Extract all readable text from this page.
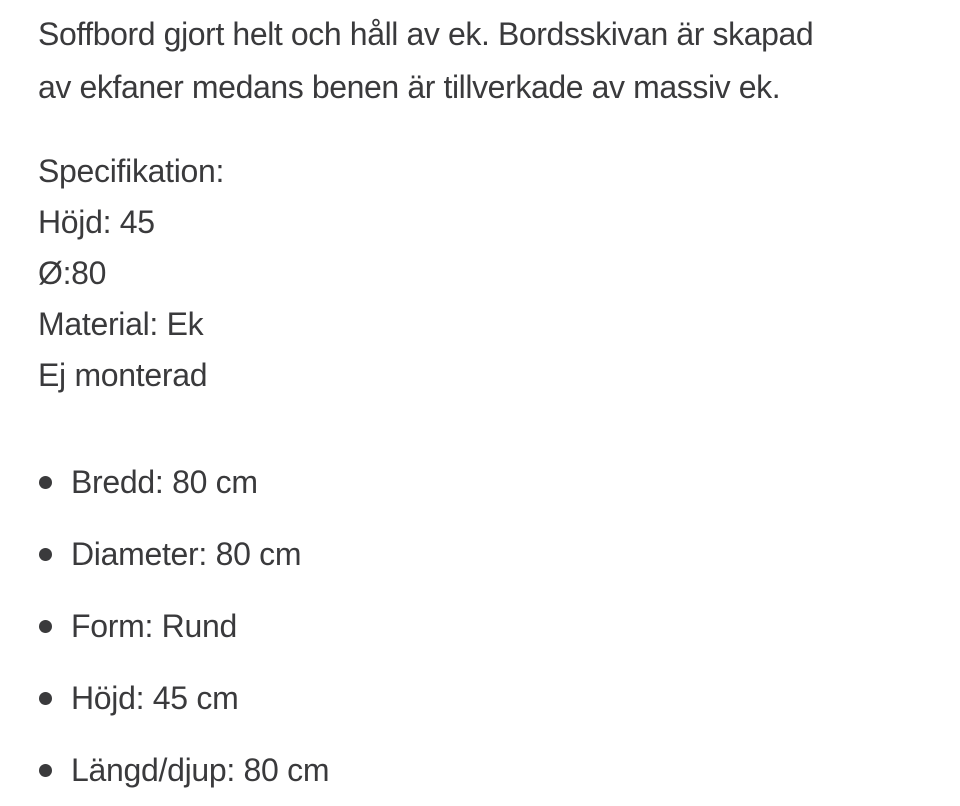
Soffbord gjort helt och håll av ek. Bordsskivan är skapad
av ekfaner medans benen är tillverkade av massiv ek.
Specifikation:
Höjd: 45
Ø:80
Material: Ek
Ej monterad
Bredd: 80 cm
Diameter: 80 cm
Form: Rund
Höjd: 45 cm
Längd/djup: 80 cm
